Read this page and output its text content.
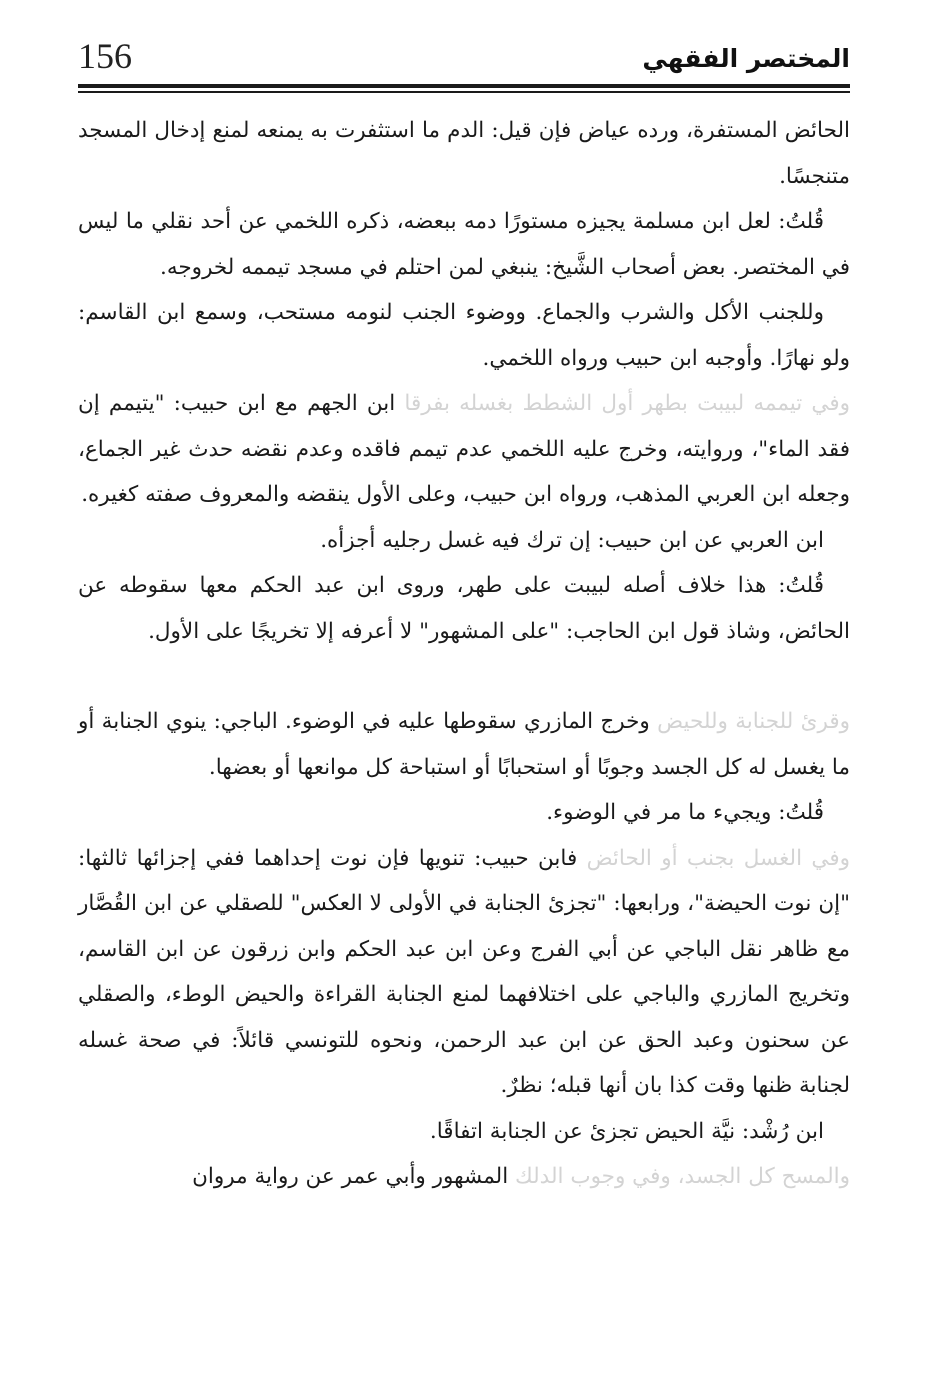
156	المختصر الفقهي

الحائض المستفرة، ورده عياض فإن قيل: الدم ما استثفرت به يمنعه لمنع إدخال المسجد متنجسًا.

قُلتُ: لعل ابن مسلمة يجيزه مستورًا دمه ببعضه، ذكره اللخمي عن أحد نقلي ما ليس في المختصر. بعض أصحاب الشَّيخ: ينبغي لمن احتلم في مسجد تيممه لخروجه.

وللجنب الأكل والشرب والجماع. ووضوء الجنب لنومه مستحب، وسمع ابن القاسم: ولو نهارًا. وأوجبه ابن حبيب ورواه اللخمي.

وفي تيممه لبيبت بطهر أول الشطط بغسله بفرقا ابن الجهم مع ابن حبيب: "يتيمم إن فقد الماء"، وروايته، وخرج عليه اللخمي عدم تيمم فاقده وعدم نقضه حدث غير الجماع، وجعله ابن العربي المذهب، ورواه ابن حبيب، وعلى الأول ينقضه والمعروف صفته كغيره.

ابن العربي عن ابن حبيب: إن ترك فيه غسل رجليه أجزأه.

قُلتُ: هذا خلاف أصله لبيبت على طهر، وروى ابن عبد الحكم معها سقوطه عن الحائض، وشاذ قول ابن الحاجب: "على المشهور" لا أعرفه إلا تخريجًا على الأول.

وقرئ للجنابة وللحيض وخرج المازري سقوطها عليه في الوضوء. الباجي: ينوي الجنابة أو ما يغسل له كل الجسد وجوبًا أو استحبابًا أو استباحة كل موانعها أو بعضها.

قُلتُ: ويجيء ما مر في الوضوء.

وفي الغسل بجنب أو الحائض فابن حبيب: تنويها فإن نوت إحداهما ففي إجزائها ثالثها: "إن نوت الحيضة"، ورابعها: "تجزئ الجنابة في الأولى لا العكس" للصقلي عن ابن القُصَّار مع ظاهر نقل الباجي عن أبي الفرج وعن ابن عبد الحكم وابن زرقون عن ابن القاسم، وتخريج المازري والباجي على اختلافهما لمنع الجنابة القراءة والحيض الوطء، والصقلي عن سحنون وعبد الحق عن ابن عبد الرحمن، ونحوه للتونسي قائلاً: في صحة غسله لجنابة ظنها وقت كذا بان أنها قبله؛ نظرٌ.

ابن رُشْد: نيَّة الحيض تجزئ عن الجنابة اتفاقًا.

والمسح كل الجسد، وفي وجوب الدلك المشهور وأبي عمر عن رواية مروان
